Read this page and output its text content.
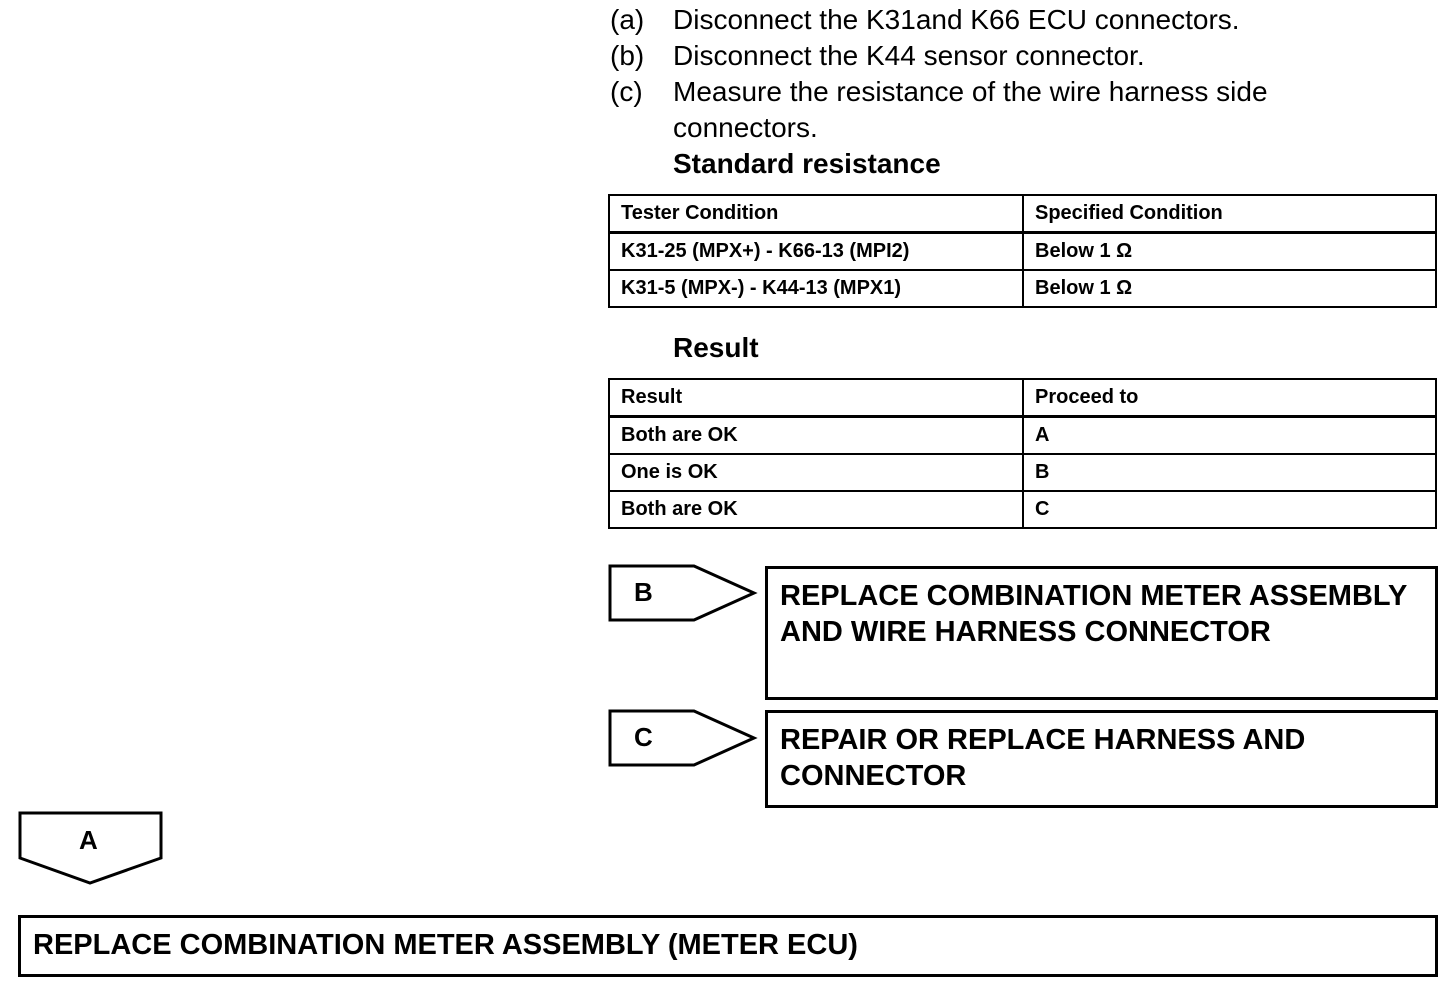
(a)	Disconnect the K31and K66 ECU connectors.
(b)	Disconnect the K44 sensor connector.
(c)	Measure the resistance of the wire harness side connectors.
Standard resistance
Tester Condition	Specified Condition
K31-25 (MPX+) - K66-13 (MPI2)	Below 1 Ω
K31-5 (MPX-) - K44-13 (MPX1)	Below 1 Ω
Result
Result	Proceed to
Both are OK	A
One is OK	B
Both are OK	C
B	REPLACE COMBINATION METER ASSEMBLY AND WIRE HARNESS CONNECTOR
C	REPAIR OR REPLACE HARNESS AND CONNECTOR
A
REPLACE COMBINATION METER ASSEMBLY (METER ECU)
